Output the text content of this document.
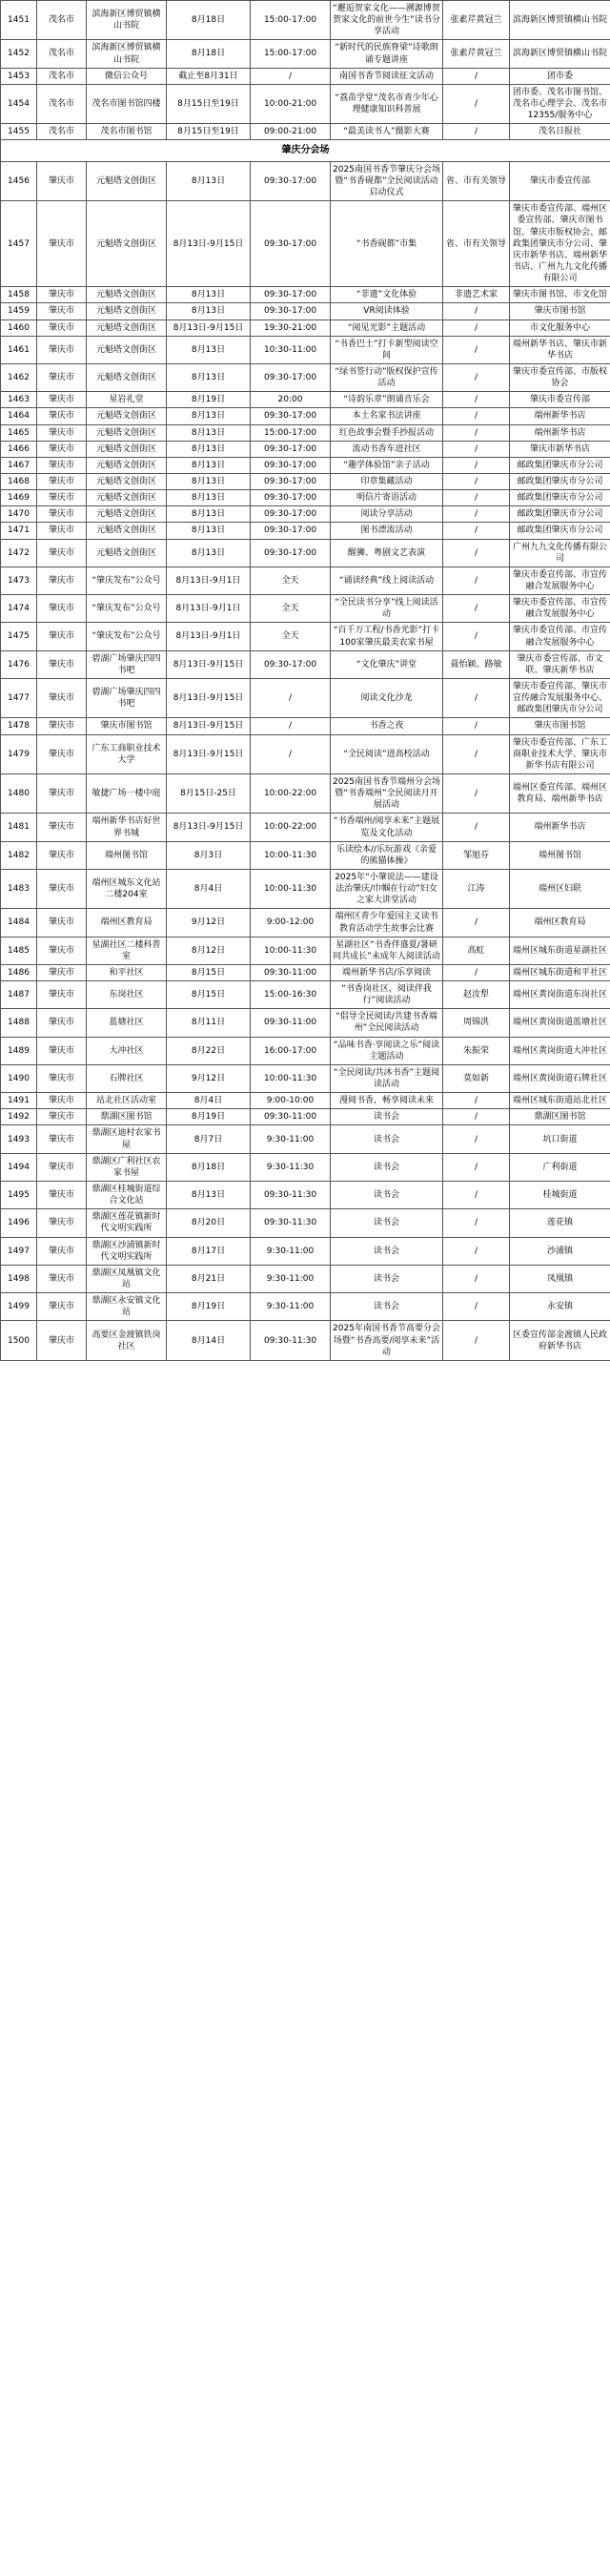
1451	茂名市	滨海新区博贸镇横山书院	8月18日	15:00-17:00	“邂逅贺家文化——溯源博贺贺家文化的前世今生”读书分享活动	张素芹黄冠兰	滨海新区博贸镇横山书院
1452	茂名市	滨海新区博贸镇横山书院	8月18日	15:00-17:00	“新时代的民族脊梁”诗歌朗诵专题讲座	张素芹黄冠兰	滨海新区博贸镇横山书院
1453	茂名市	微信公众号	截止至8月31日	/	南国书香节阅读征文活动	/	团市委
1454	茂名市	茂名市图书馆四楼	8月15日至19日	10:00-21:00	“荔苗学堂”茂名市青少年心理健康知识科普展	/	团市委、茂名市图书馆、茂名市心理学会、茂名市12355/服务中心
1455	茂名市	茂名市图书馆	8月15日至19日	09:00-21:00	“最美读书人”摄影大赛	/	茂名日报社
肇庆分会场							
1456	肇庆市	元魁塔文创街区	8月13日	09:30-17:00	2025南国书香节肇庆分会场暨“书香砚都”全民阅读活动启动仪式	省、市有关领导	肇庆市委宣传部
1457	肇庆市	元魁塔文创街区	8月13日-9月15日	09:30-17:00	“书香砚都”市集	省、市有关领导	肇庆市委宣传部、端州区委宣传部、肇庆市图书馆、肇庆市版权协会、邮政集团肇庆市分公司、肇庆市新华书店、端州新华书店、广州九九文化传播有限公司
1458	肇庆市	元魁塔文创街区	8月13日	09:30-17:00	“非遗”文化体验	非遗艺术家	肇庆市图书馆、市文化馆
1459	肇庆市	元魁塔文创街区	8月13日	09:30-17:00	VR阅读体验	/	肇庆市图书馆
1460	肇庆市	元魁塔文创街区	8月13日-9月15日	19:30-21:00	“阅见光影”主题活动	/	市文化服务中心
1461	肇庆市	元魁塔文创街区	8月13日	10:30-11:00	“书香巴士”打卡新型阅读空间	/	端州新华书店、肇庆市新华书店
1462	肇庆市	元魁塔文创街区	8月13日	09:30-17:00	“绿书签行动”版权保护宣传活动	/	肇庆市委宣传部、市版权协会
1463	肇庆市	星岩礼堂	8月19日	20:00	“诗韵乐章”朗诵音乐会	/	肇庆市委宣传部
1464	肇庆市	元魁塔文创街区	8月13日	09:30-17:00	本土名家书法讲座	/	端州新华书店
1465	肇庆市	元魁塔文创街区	8月13日	15:00-17:00	红色故事会暨手抄报活动	/	端州新华书店
1466	肇庆市	元魁塔文创街区	8月13日	09:30-17:00	流动书香车进社区	/	肇庆市新华书店
1467	肇庆市	元魁塔文创街区	8月13日	09:30-17:00	“趣学体验馆”亲子活动	/	邮政集团肇庆市分公司
1468	肇庆市	元魁塔文创街区	8月13日	09:30-17:00	印章集藏活动	/	邮政集团肇庆市分公司
1469	肇庆市	元魁塔文创街区	8月13日	09:30-17:00	明信片寄语活动	/	邮政集团肇庆市分公司
1470	肇庆市	元魁塔文创街区	8月13日	09:30-17:00	阅读分享活动	/	邮政集团肇庆市分公司
1471	肇庆市	元魁塔文创街区	8月13日	09:30-17:00	图书漂流活动	/	邮政集团肇庆市分公司
1472	肇庆市	元魁塔文创街区	8月13日	09:30-17:00	醒狮、粤剧文艺表演	/	广州九九文化传播有限公司
1473	肇庆市	“肇庆发布”公众号	8月13日-9月1日	全天	“诵读经典”线上阅读活动	/	肇庆市委宣传部、市宣传融合发展服务中心
1474	肇庆市	“肇庆发布”公众号	8月13日-9月1日	全天	“全民读书分享”线上阅读活动	/	肇庆市委宣传部、市宣传融合发展服务中心
1475	肇庆市	“肇庆发布”公众号	8月13日-9月1日	全天	“百千万工程/书香光影”打卡100家肇庆最美农家书屋	/	肇庆市委宣传部、市宣传融合发展服务中心
1476	肇庆市	碧湖广场肇庆四四书吧	8月13日-9月15日	09:30-17:00	“文化肇庆”讲堂	聂怡颖、路敏	肇庆市委宣传部、市文联、肇庆新华书店
1477	肇庆市	碧湖广场肇庆四四书吧	8月13日-9月15日	/	阅读文化沙龙	/	肇庆市委宣传部、肇庆市宣传融合发展服务中心、邮政集团肇庆市分公司
1478	肇庆市	肇庆市图书馆	8月13日-9月15日	/	书香之夜	/	肇庆市图书馆
1479	肇庆市	广东工商职业技术大学	8月13日-9月15日	/	“全民阅读”进高校活动	/	肇庆市委宣传部、广东工商职业技术大学、肇庆市新华书店有限公司
1480	肇庆市	敏捷广场一楼中庭	8月15日-25日	10:00-22:00	2025南国书香节端州分会场暨“书香端州”全民阅读月开展活动	/	端州区委宣传部、端州区教育局、端州新华书店
1481	肇庆市	端州新华书店好世界书城	8月13日-9月15日	10:00-22:00	“书香端州/阅享未来”主题展览及文化活动	/	端州新华书店
1482	肇庆市	端州图书馆	8月3日	10:00-11:30	乐读绘本//乐玩游戏《亲爱的熊猫体操》	邹旭芬	端州图书馆
1483	肇庆市	端州区城东文化站二楼204室	8月4日	10:00-11:30	2025年“小肇说法——建设法治肇庆/巾帼在行动”妇女之家大讲堂活动	江涛	端州区妇联
1484	肇庆市	端州区教育局	9月12日	9:00-12:00	端州区青少年爱国主义读书教育活动学生故事会比赛	/	端州区教育局
1485	肇庆市	星湖社区二楼科普室	8月12日	10:00-11:30	星湖社区“书香伴盛夏/暑研同共成长”未成年人阅读活动	高虹	端州区城东街道星湖社区
1486	肇庆市	和平社区	8月15日	09:30-11:00	端州新华书店/乐享阅读	/	端州区城东街道和平社区
1487	肇庆市	东岗社区	8月15日	15:00-16:30	“书香岗社区，阅读伴我行”阅读活动	赵汝犁	端州区黄岗街道东岗社区
1488	肇庆市	蓝塘社区	8月11日	09:30-11:00	“倡导全民阅读/共建书香端州”全民阅读活动	周锦洪	端州区黄岗街道蓝塘社区
1489	肇庆市	大冲社区	8月22日	16:00-17:00	“品味书香·享阅读之乐”阅读主题活动	朱振荣	端州区黄岗街道大冲社区
1490	肇庆市	石牌社区	9月12日	10:00-11:30	“全民阅读/共沐书香”主题阅读活动	莫如新	端州区黄岗街道石牌社区
1491	肇庆市	站北社区活动室	8月4日	9:00-10:00	漫阅书香，畅享阅读未来	/	端州区城东街道站北社区
1492	肇庆市	鼎湖区图书馆	8月19日	09:30-11:00	读书会	/	鼎湖区图书馆
1493	肇庆市	鼎湖区迪村农家书屋	8月7日	9:30-11:00	读书会	/	坑口街道
1494	肇庆市	鼎湖区广利社区农家书屋	8月18日	9:30-11:30	读书会	/	广利街道
1495	肇庆市	鼎湖区桂城街道综合文化站	8月13日	09:30-11:30	读书会	/	桂城街道
1496	肇庆市	鼎湖区莲花镇新时代文明实践所	8月20日	09:30-11:30	读书会	/	莲花镇
1497	肇庆市	鼎湖区沙浦镇新时代文明实践所	8月17日	9:30-11:00	读书会	/	沙浦镇
1498	肇庆市	鼎湖区凤凰镇文化站	8月21日	9:30-11:00	读书会	/	凤凰镇
1499	肇庆市	鼎湖区永安镇文化站	8月19日	9:30-11:00	读书会	/	永安镇
1500	肇庆市	高要区金渡镇铁岗社区	8月14日	09:30-11:30	2025年南国书香节高要分会场暨“书香高要/阅享未来”活动	/	区委宣传部金渡镇人民政府新华书店
